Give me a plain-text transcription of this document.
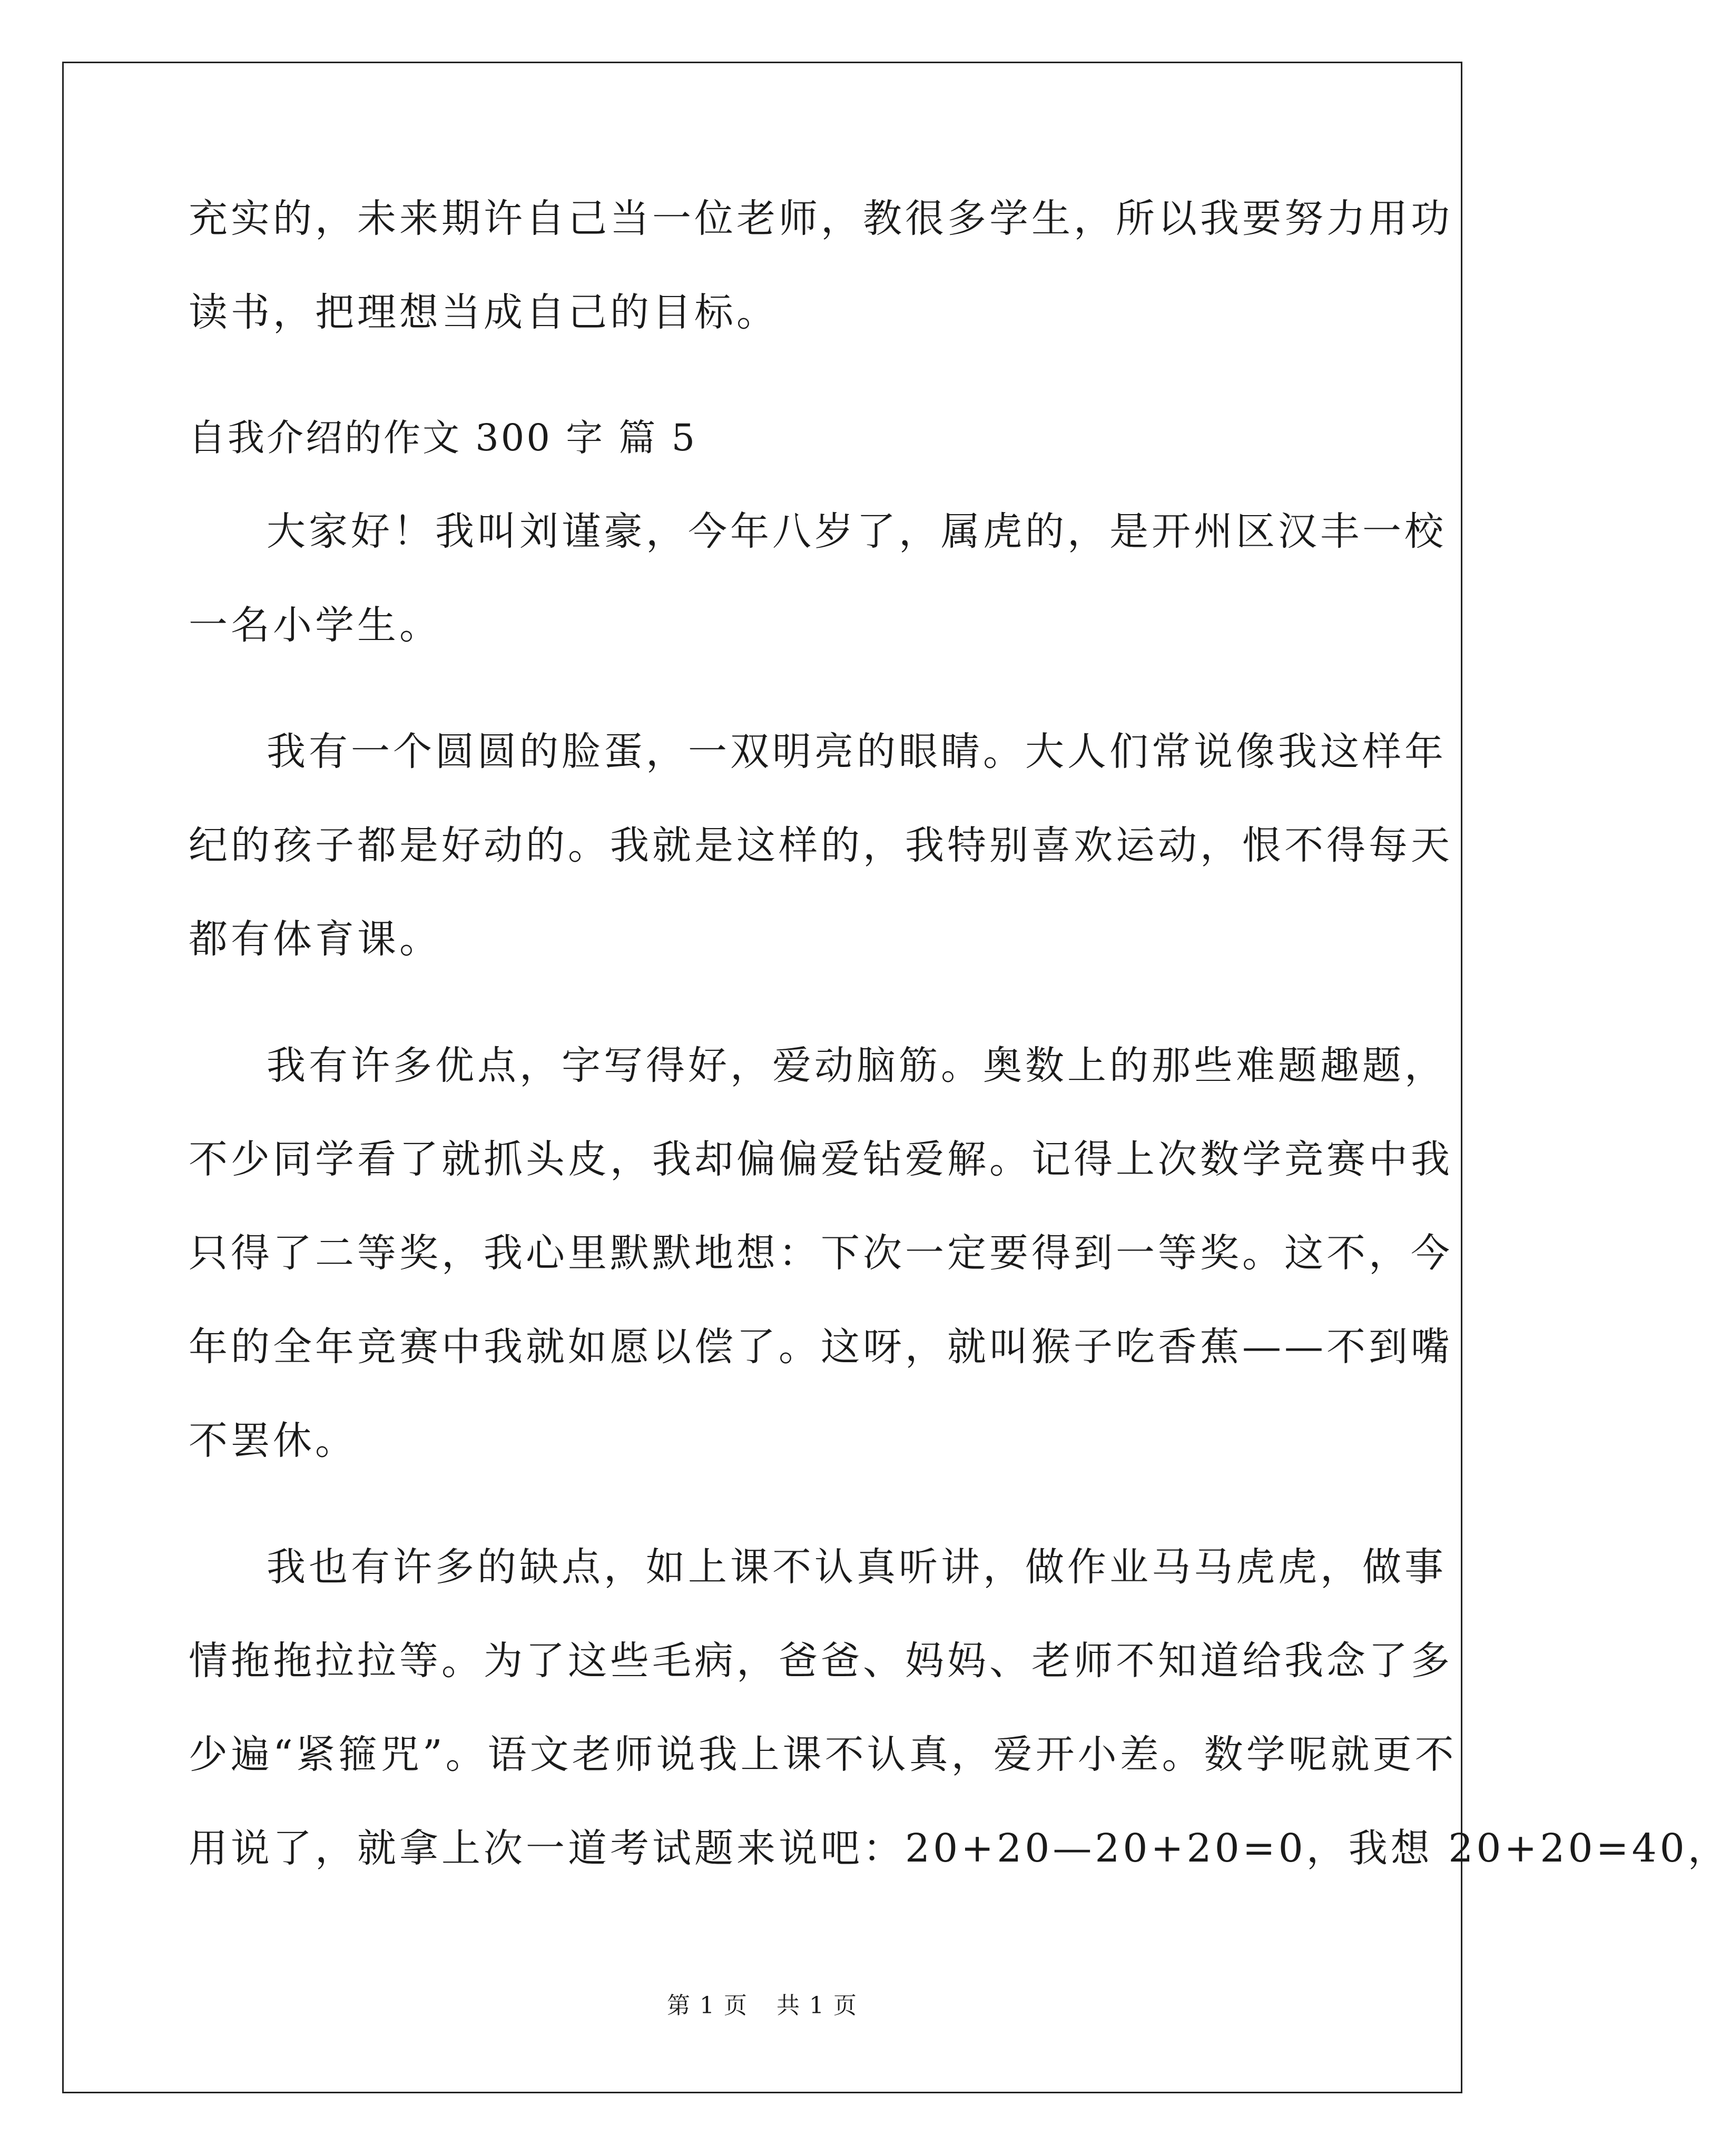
充实的，未来期许自己当一位老师，教很多学生，所以我要努力用功
读书，把理想当成自己的目标。
自我介绍的作文 300 字 篇 5
大家好！我叫刘谨豪，今年八岁了，属虎的，是开州区汉丰一校
一名小学生。
我有一个圆圆的脸蛋，一双明亮的眼睛。大人们常说像我这样年
纪的孩子都是好动的。我就是这样的，我特别喜欢运动，恨不得每天
都有体育课。
我有许多优点，字写得好，爱动脑筋。奥数上的那些难题趣题，
不少同学看了就抓头皮，我却偏偏爱钻爱解。记得上次数学竞赛中我
只得了二等奖，我心里默默地想：下次一定要得到一等奖。这不，今
年的全年竞赛中我就如愿以偿了。这呀，就叫猴子吃香蕉——不到嘴
不罢休。
我也有许多的缺点，如上课不认真听讲，做作业马马虎虎，做事
情拖拖拉拉等。为了这些毛病，爸爸、妈妈、老师不知道给我念了多
少遍“紧箍咒”。语文老师说我上课不认真，爱开小差。数学呢就更不
用说了，就拿上次一道考试题来说吧：20+20—20+20=0，我想 20+20=40，
第 1 页 共 1 页
